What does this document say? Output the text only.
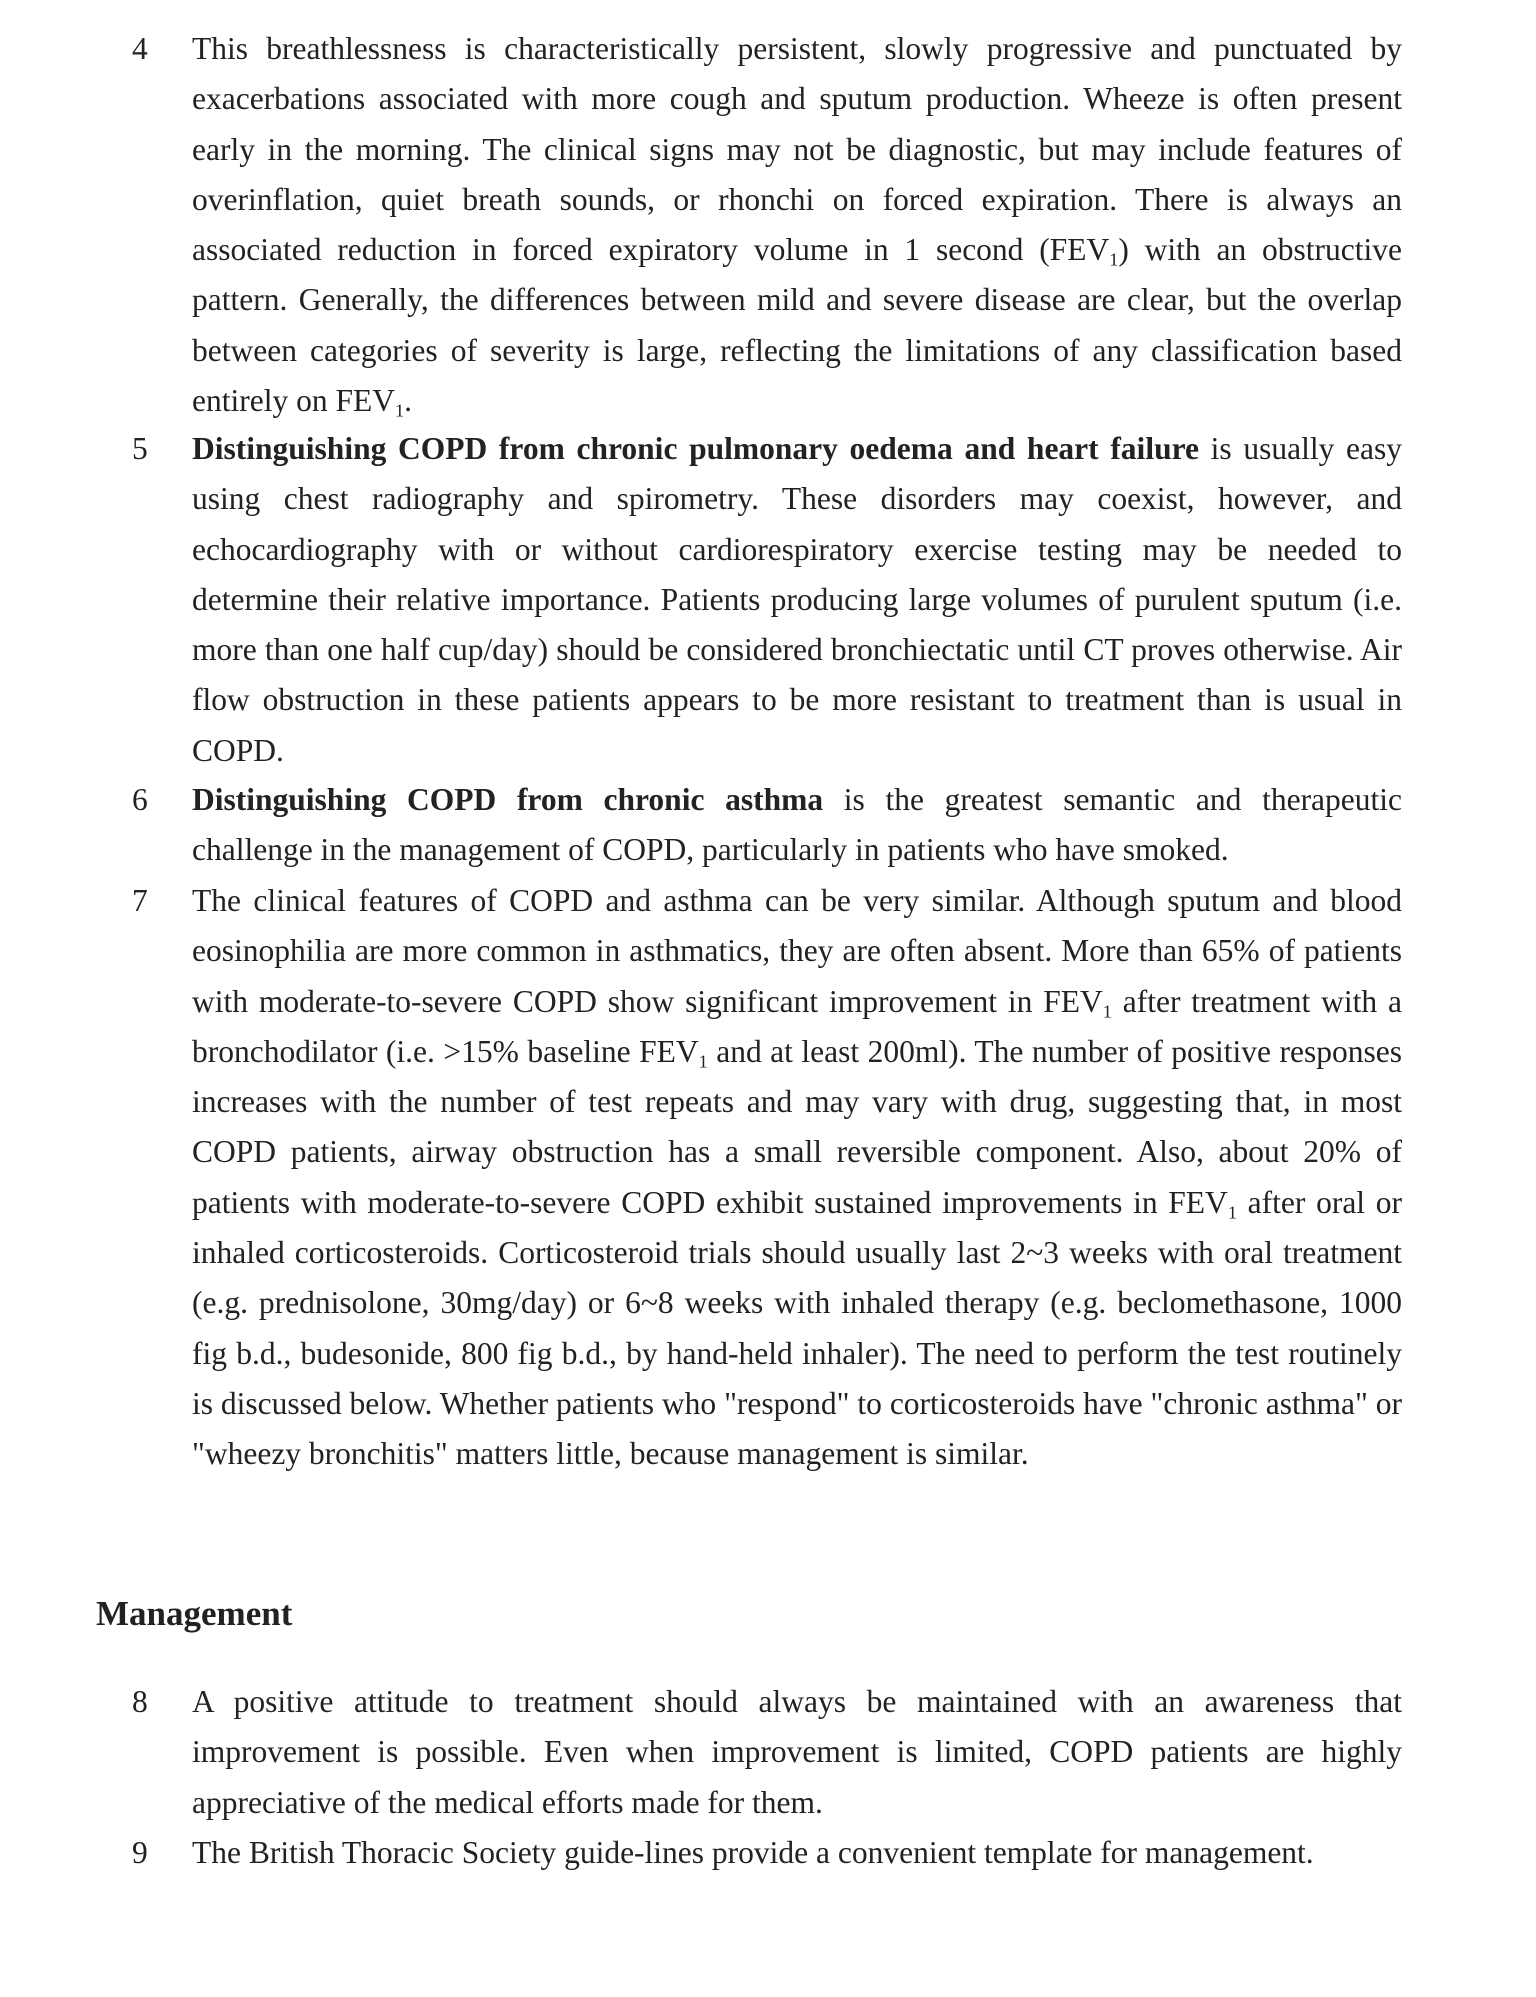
4 This breathlessness is characteristically persistent, slowly progressive and punctuated by exacerbations associated with more cough and sputum production. Wheeze is often present early in the morning. The clinical signs may not be diagnostic, but may include features of overinflation, quiet breath sounds, or rhonchi on forced expiration. There is always an associated reduction in forced expiratory volume in 1 second $(FEV_1)$ with an obstructive pattern. Generally, the differences between mild and severe disease are clear, but the overlap between categories of severity is large, reflecting the limitations of any classification based entirely on $FEV_1$.

5 Distinguishing COPD from chronic pulmonary oedema and heart failure is usually easy using chest radiography and spirometry. These disorders may coexist, however, and echocardiography with or without cardiorespiratory exercise testing may be needed to determine their relative importance. Patients producing large volumes of purulent sputum (i.e. more than one half cup/day) should be considered bronchiectatic until CT proves otherwise. Air flow obstruction in these patients appears to be more resistant to treatment than is usual in COPD.

6 Distinguishing COPD from chronic asthma is the greatest semantic and therapeutic challenge in the management of COPD, particularly in patients who have smoked.

7 The clinical features of COPD and asthma can be very similar. Although sputum and blood eosinophilia are more common in asthmatics, they are often absent. More than 65% of patients with moderate-to-severe COPD show significant improvement in $FEV_1$ after treatment with a bronchodilator (i.e. >15% baseline $FEV_1$ and at least 200ml). The number of positive responses increases with the number of test repeats and may vary with drug, suggesting that, in most COPD patients, airway obstruction has a small reversible component. Also, about 20% of patients with moderate-to-severe COPD exhibit sustained improvements in $FEV_1$ after oral or inhaled corticosteroids. Corticosteroid trials should usually last 2~3 weeks with oral treatment (e.g. prednisolone, 30mg/day) or 6~8 weeks with inhaled therapy (e.g. beclomethasone, 1000 fig b.d., budesonide, 800 fig b.d., by hand-held inhaler). The need to perform the test routinely is discussed below. Whether patients who "respond" to corticosteroids have "chronic asthma" or "wheezy bronchitis" matters little, because management is similar.

Management

8 A positive attitude to treatment should always be maintained with an awareness that improvement is possible. Even when improvement is limited, COPD patients are highly appreciative of the medical efforts made for them.

9 The British Thoracic Society guide-lines provide a convenient template for management.
